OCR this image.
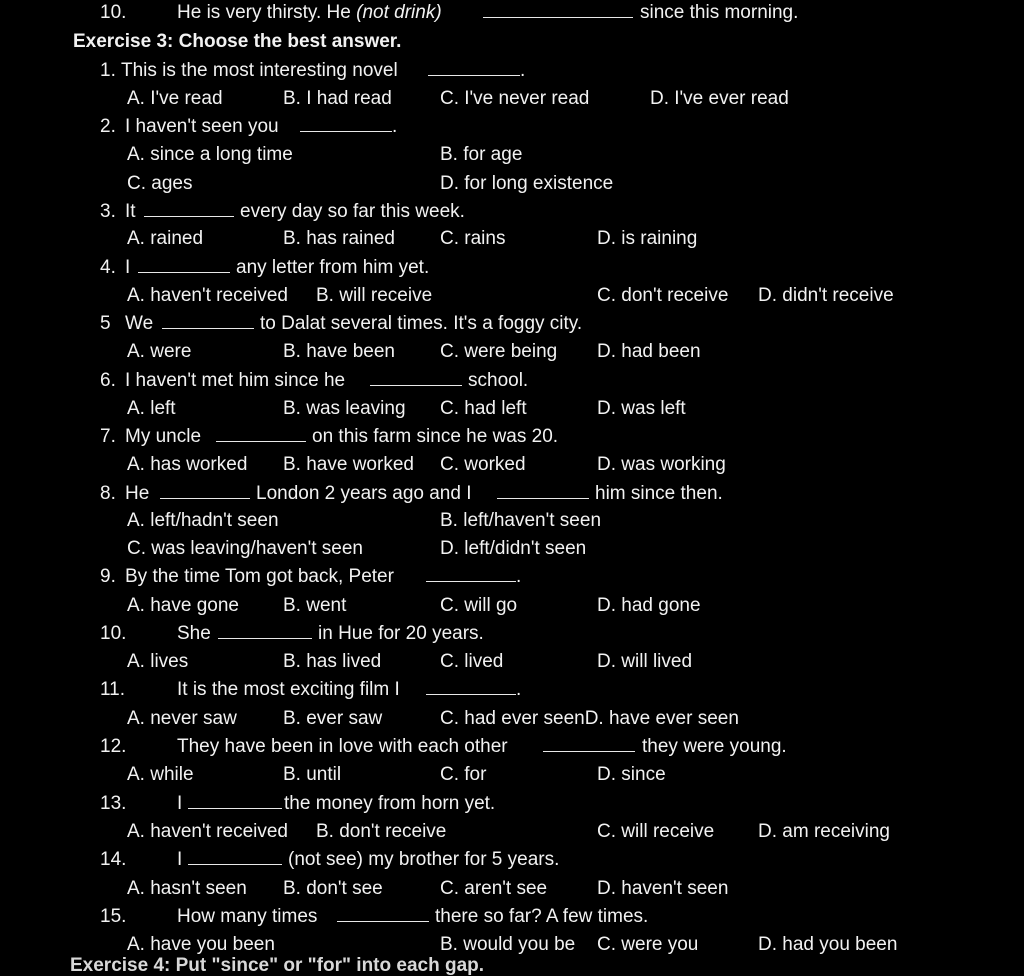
10.	He is very thirsty. He (not drink)	since this morning.
Exercise 3: Choose the best answer.
1. This is the most interesting novel	.
A. I've read	B. I had read	C. I've never read	D. I've ever read
2. I haven't seen you	.
A. since a long time	B. for age
C. ages	D. for long existence
3. It	every day so far this week.
A. rained	B. has rained C. rains	D. is raining
4. I	any letter from him yet.
A. haven't received B. will receive	C. don't receive D. didn't receive
5 We	to Dalat several times. It's a foggy city.
A. were	B. have been C. were being D. had been
6. I haven't met him since he	school.
A. left	B. was leaving C. had left	D. was left
7. My uncle	on this farm since he was 20.
A. has worked B. have worked C. worked	D. was working
8. He	London 2 years ago and I	him since then.
A. left/hadn't seen	B. left/haven't seen
C. was leaving/haven't seen	D. left/didn't seen
9. By the time Tom got back, Peter	.
A. have gone B. went	C. will go	D. had gone
10.	She	in Hue for 20 years.
A. lives	B. has lived	C. lived	D. will lived
11.	It is the most exciting film I	.
A. never saw B. ever saw	C. had ever seenD. have ever seen
12.	They have been in love with each other	they were young.
A. while	B. until	C. for	D. since
13.	I	the money from horn yet.
A. haven't received B. don't receive	C. will receive D. am receiving
14.	I	(not see) my brother for 5 years.
A. hasn't seen B. don't see	C. aren't see	D. haven't seen
15.	How many times	there so far? A few times.
A. have you been	B. would you be C. were you	D. had you been
Exercise 4: Put "since" or "for" into each gap.
